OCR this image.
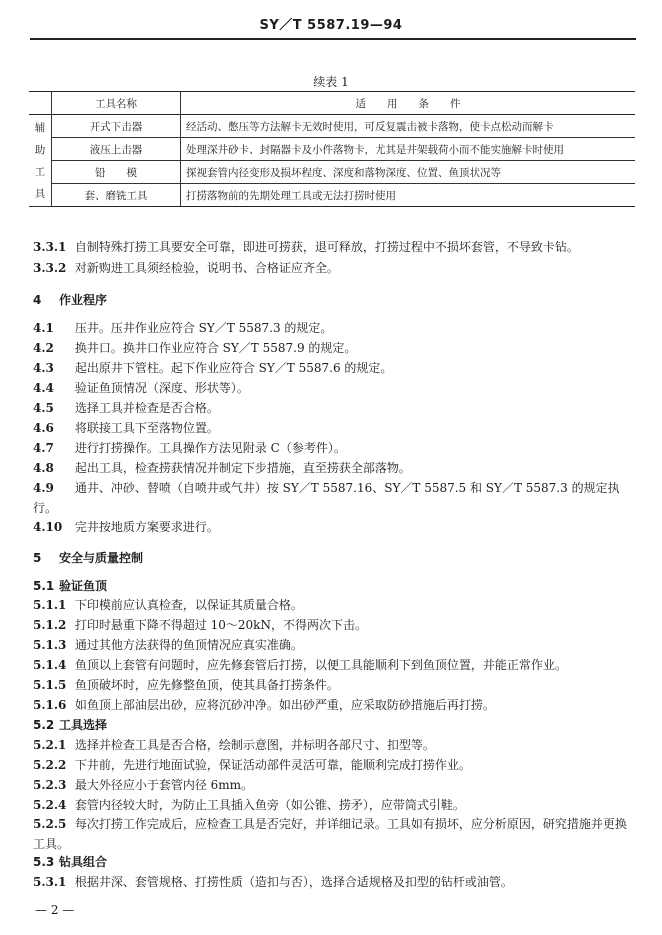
SY／T 5587.19—94
续表 1
	工具名称	适　　用　　条　　件
辅
助
工
具	开式下击器	经活动、憋压等方法解卡无效时使用，可反复震击被卡落物，使卡点松动而解卡
	液压上击器	处理深井砂卡、封隔器卡及小件落物卡，尤其是井架载荷小而不能实施解卡时使用
	铅　　模	探视套管内径变形及损坏程度、深度和落物深度、位置、鱼顶状况等
	套、磨铣工具	打捞落物前的先期处理工具或无法打捞时使用
3.3.1 自制特殊打捞工具要安全可靠，即进可捞获，退可释放，打捞过程中不损坏套管，不导致卡钻。
3.3.2 对新购进工具须经检验，说明书、合格证应齐全。
4 作业程序
4.1 压井。压井作业应符合 SY／T 5587.3 的规定。
4.2 换井口。换井口作业应符合 SY／T 5587.9 的规定。
4.3 起出原井下管柱。起下作业应符合 SY／T 5587.6 的规定。
4.4 验证鱼顶情况（深度、形状等）。
4.5 选择工具并检查是否合格。
4.6 将联接工具下至落物位置。
4.7 进行打捞操作。工具操作方法见附录 C（参考件）。
4.8 起出工具，检查捞获情况并制定下步措施，直至捞获全部落物。
4.9 通井、冲砂、替喷（自喷井或气井）按 SY／T 5587.16、SY／T 5587.5 和 SY／T 5587.3 的规定执行。
4.10 完井按地质方案要求进行。
5 安全与质量控制
5.1 验证鱼顶
5.1.1 下印模前应认真检查，以保证其质量合格。
5.1.2 打印时悬重下降不得超过 10～20kN，不得两次下击。
5.1.3 通过其他方法获得的鱼顶情况应真实准确。
5.1.4 鱼顶以上套管有问题时，应先修套管后打捞，以便工具能顺利下到鱼顶位置，并能正常作业。
5.1.5 鱼顶破坏时，应先修整鱼顶，使其具备打捞条件。
5.1.6 如鱼顶上部油层出砂，应将沉砂冲净。如出砂严重，应采取防砂措施后再打捞。
5.2 工具选择
5.2.1 选择并检查工具是否合格，绘制示意图，并标明各部尺寸、扣型等。
5.2.2 下井前，先进行地面试验，保证活动部件灵活可靠，能顺利完成打捞作业。
5.2.3 最大外径应小于套管内径 6mm。
5.2.4 套管内径较大时，为防止工具插入鱼旁（如公锥、捞矛），应带筒式引鞋。
5.2.5 每次打捞工作完成后，应检查工具是否完好，并详细记录。工具如有损坏，应分析原因，研究措施并更换工具。
5.3 钻具组合
5.3.1 根据井深、套管规格、打捞性质（造扣与否），选择合适规格及扣型的钻杆或油管。
— 2 —
